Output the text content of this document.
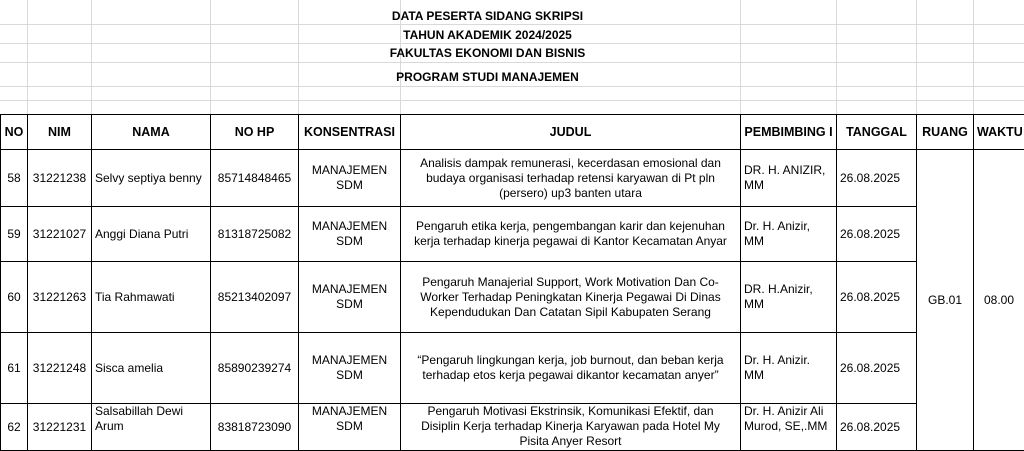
DATA PESERTA SIDANG SKRIPSI
TAHUN AKADEMIK 2024/2025
FAKULTAS EKONOMI DAN BISNIS
PROGRAM STUDI MANAJEMEN
NO	NIM	NAMA	NO HP	KONSENTRASI	JUDUL	PEMBIMBING I	TANGGAL	RUANG	WAKTU
58	31221238	Selvy septiya benny	85714848465	MANAJEMEN SDM	Analisis dampak remunerasi, kecerdasan emosional dan budaya organisasi terhadap retensi karyawan di Pt pln (persero) up3 banten utara	DR. H. ANIZIR, MM	26.08.2025	GB.01	08.00
59	31221027	Anggi Diana Putri	81318725082	MANAJEMEN SDM	Pengaruh etika kerja, pengembangan karir dan kejenuhan kerja terhadap kinerja pegawai di Kantor Kecamatan Anyar	Dr. H. Anizir, MM	26.08.2025		
60	31221263	Tia Rahmawati	85213402097	MANAJEMEN SDM	Pengaruh Manajerial Support, Work Motivation Dan Co-Worker Terhadap Peningkatan Kinerja Pegawai Di Dinas Kependudukan Dan Catatan Sipil Kabupaten Serang	DR. H.Anizir, MM	26.08.2025		
61	31221248	Sisca amelia	85890239274	MANAJEMEN SDM	“Pengaruh lingkungan kerja, job burnout, dan beban kerja terhadap etos kerja pegawai dikantor kecamatan anyer”	Dr. H. Anizir. MM	26.08.2025		
62	31221231	Salsabillah Dewi Arum	83818723090	MANAJEMEN SDM	Pengaruh Motivasi Ekstrinsik, Komunikasi Efektif, dan Disiplin Kerja terhadap Kinerja Karyawan pada Hotel My Pisita Anyer Resort	Dr. H. Anizir Ali Murod, SE,.MM	26.08.2025		
